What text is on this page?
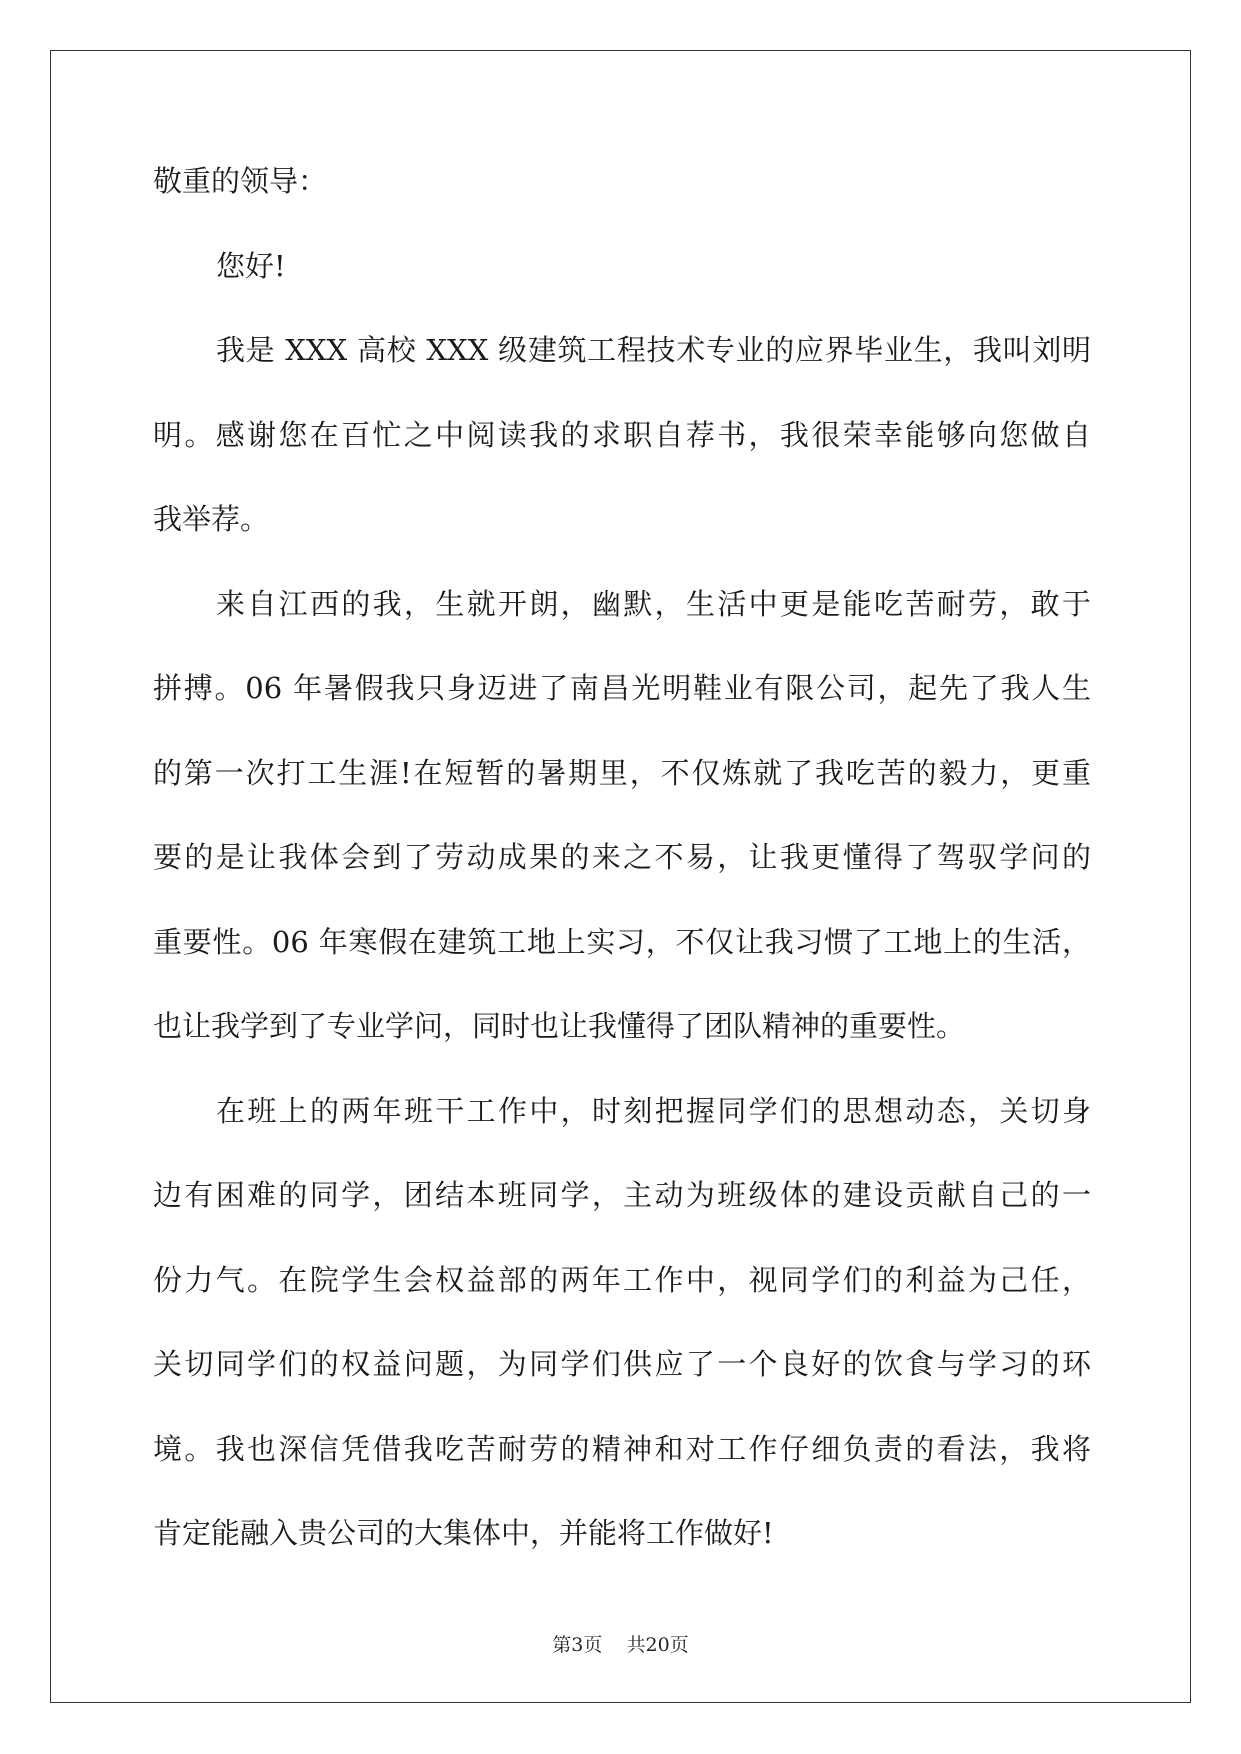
敬重的领导：

您好!

我是 XXX 高校 XXX 级建筑工程技术专业的应界毕业生，我叫刘明

明。感谢您在百忙之中阅读我的求职自荐书，我很荣幸能够向您做自

我举荐。

来自江西的我，生就开朗，幽默，生活中更是能吃苦耐劳，敢于

拼搏。06 年暑假我只身迈进了南昌光明鞋业有限公司，起先了我人生

的第一次打工生涯!在短暂的暑期里，不仅炼就了我吃苦的毅力，更重

要的是让我体会到了劳动成果的来之不易，让我更懂得了驾驭学问的

重要性。06 年寒假在建筑工地上实习，不仅让我习惯了工地上的生活，

也让我学到了专业学问，同时也让我懂得了团队精神的重要性。

在班上的两年班干工作中，时刻把握同学们的思想动态，关切身

边有困难的同学，团结本班同学，主动为班级体的建设贡献自己的一

份力气。在院学生会权益部的两年工作中，视同学们的利益为己任，

关切同学们的权益问题，为同学们供应了一个良好的饮食与学习的环

境。我也深信凭借我吃苦耐劳的精神和对工作仔细负责的看法，我将

肯定能融入贵公司的大集体中，并能将工作做好!

第3页 共20页
